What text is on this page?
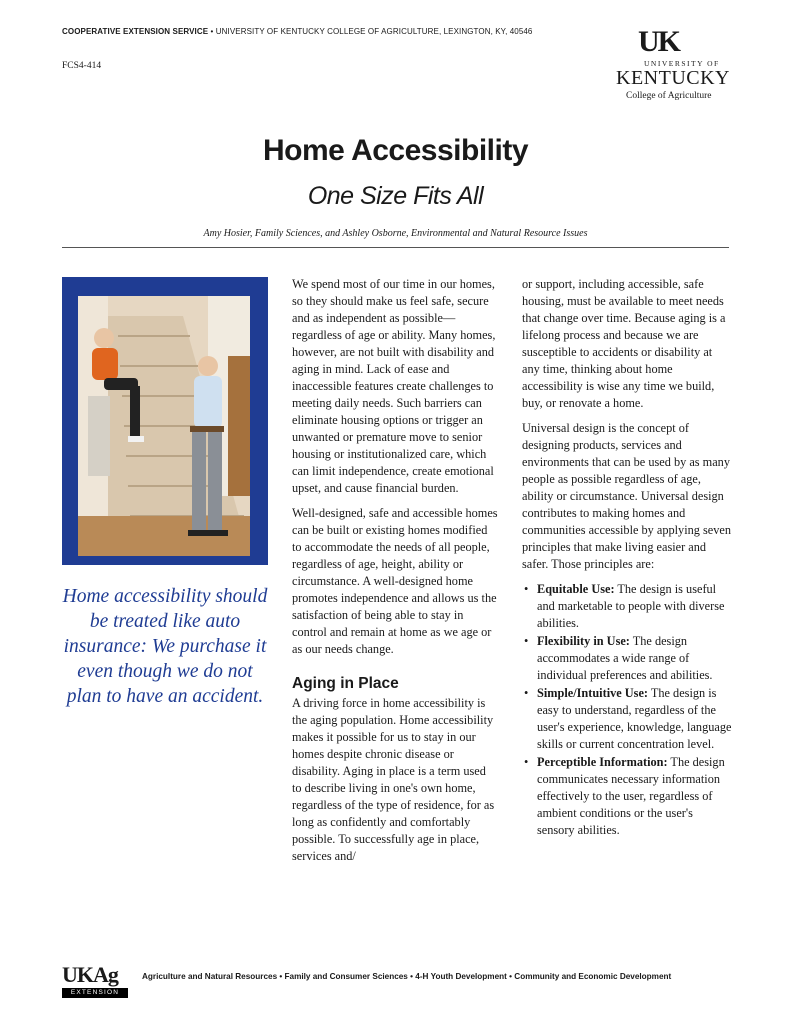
COOPERATIVE EXTENSION SERVICE • UNIVERSITY OF KENTUCKY COLLEGE OF AGRICULTURE, LEXINGTON, KY, 40546
FCS4-414
UK
UNIVERSITY OF
KENTUCKY
College of Agriculture
Home Accessibility
One Size Fits All
Amy Hosier, Family Sciences, and Ashley Osborne, Environmental and Natural Resource Issues
Home accessibility should be treated like auto insurance: We purchase it even though we do not plan to have an accident.

We spend most of our time in our homes, so they should make us feel safe, secure and as independent as possible—regardless of age or ability. Many homes, however, are not built with disability and aging in mind. Lack of ease and inaccessible features create challenges to meeting daily needs. Such barriers can eliminate housing options or trigger an unwanted or premature move to senior housing or institutionalized care, which can limit independence, create emotional upset, and cause financial burden.

Well-designed, safe and accessible homes can be built or existing homes modified to accommodate the needs of all people, regardless of age, height, ability or circumstance. A well-designed home promotes independence and allows us the satisfaction of being able to stay in control and remain at home as we age or as our needs change.

Aging in Place

A driving force in home accessibility is the aging population. Home accessibility makes it possible for us to stay in our homes despite chronic disease or disability. Aging in place is a term used to describe living in one's own home, regardless of the type of residence, for as long as confidently and comfortably possible. To successfully age in place, services and/

or support, including accessible, safe housing, must be available to meet needs that change over time. Because aging is a lifelong process and because we are susceptible to accidents or disability at any time, thinking about home accessibility is wise any time we build, buy, or renovate a home.

Universal design is the concept of designing products, services and environments that can be used by as many people as possible regardless of age, ability or circumstance. Universal design contributes to making homes and communities accessible by applying seven principles that make living easier and safer. Those principles are:

• Equitable Use: The design is useful and marketable to people with diverse abilities.
• Flexibility in Use: The design accommodates a wide range of individual preferences and abilities.
• Simple/Intuitive Use: The design is easy to understand, regardless of the user's experience, knowledge, language skills or current concentration level.
• Perceptible Information: The design communicates necessary information effectively to the user, regardless of ambient conditions or the user's sensory abilities.
UKAg
EXTENSION
Agriculture and Natural Resources • Family and Consumer Sciences • 4-H Youth Development • Community and Economic Development
